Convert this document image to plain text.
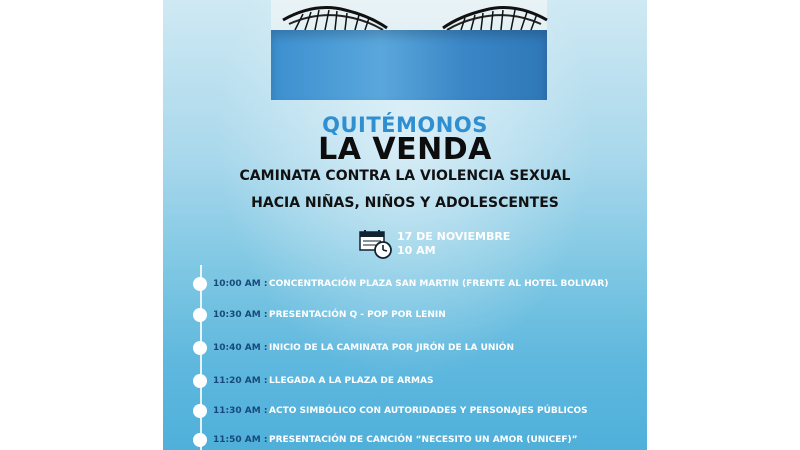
QUITÉMONOS
LA VENDA
CAMINATA CONTRA LA VIOLENCIA SEXUAL
HACIA NIÑAS, NIÑOS Y ADOLESCENTES
17 DE NOVIEMBRE
10 AM
10:00 AM : CONCENTRACIÓN PLAZA SAN MARTIN (FRENTE AL HOTEL BOLIVAR)
10:30 AM : PRESENTACIÓN Q - POP POR LENIN
10:40 AM : INICIO DE LA CAMINATA POR JIRÓN DE LA UNIÓN
11:20 AM : LLEGADA A LA PLAZA DE ARMAS
11:30 AM : ACTO SIMBÓLICO CON AUTORIDADES Y PERSONAJES PÚBLICOS
11:50 AM : PRESENTACIÓN DE CANCIÓN “NECESITO UN AMOR (UNICEF)”
